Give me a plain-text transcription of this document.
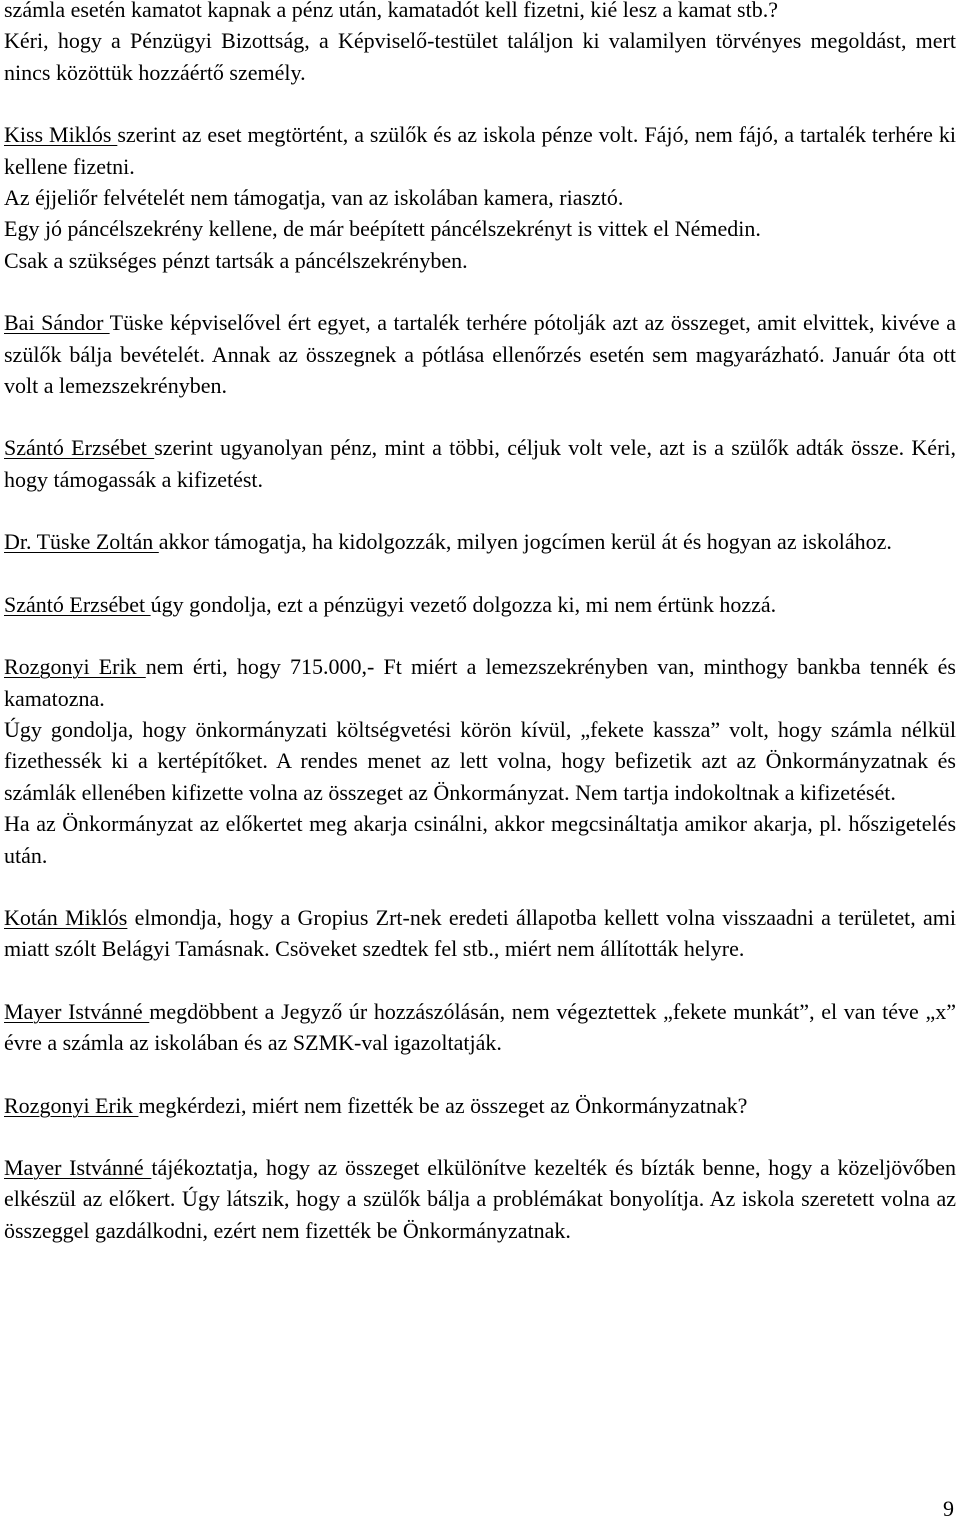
számla esetén kamatot kapnak a pénz után, kamatadót kell fizetni, kié lesz a kamat stb.?

Kéri, hogy a Pénzügyi Bizottság, a Képviselő-testület találjon ki valamilyen törvényes megoldást, mert nincs közöttük hozzáértő személy.

Kiss Miklós szerint az eset megtörtént, a szülők és az iskola pénze volt. Fájó, nem fájó, a tartalék terhére ki kellene fizetni.

Az éjjeliőr felvételét nem támogatja, van az iskolában kamera, riasztó.

Egy jó páncélszekrény kellene, de már beépített páncélszekrényt is vittek el Némedin.

Csak a szükséges pénzt tartsák a páncélszekrényben.

Bai Sándor Tüske képviselővel ért egyet, a tartalék terhére pótolják azt az összeget, amit elvittek, kivéve a szülők bálja bevételét. Annak az összegnek a pótlása ellenőrzés esetén sem magyarázható. Január óta ott volt a lemezszekrényben.

Szántó Erzsébet szerint ugyanolyan pénz, mint a többi, céljuk volt vele, azt is a szülők adták össze. Kéri, hogy támogassák a kifizetést.

Dr. Tüske Zoltán akkor támogatja, ha kidolgozzák, milyen jogcímen kerül át és hogyan az iskolához.

Szántó Erzsébet úgy gondolja, ezt a pénzügyi vezető dolgozza ki, mi nem értünk hozzá.

Rozgonyi Erik nem érti, hogy 715.000,- Ft miért a lemezszekrényben van, minthogy bankba tennék és kamatozna.

Úgy gondolja, hogy önkormányzati költségvetési körön kívül, „fekete kassza” volt, hogy számla nélkül fizethessék ki a kertépítőket. A rendes menet az lett volna, hogy befizetik azt az Önkormányzatnak és számlák ellenében kifizette volna az összeget az Önkormányzat. Nem tartja indokoltnak a kifizetését.

Ha az Önkormányzat az előkertet meg akarja csinálni, akkor megcsináltatja amikor akarja, pl. hőszigetelés után.

Kotán Miklós elmondja, hogy a Gropius Zrt-nek eredeti állapotba kellett volna visszaadni a területet, ami miatt szólt Belágyi Tamásnak. Csöveket szedtek fel stb., miért nem állították helyre.

Mayer Istvánné megdöbbent a Jegyző úr hozzászólásán, nem végeztettek „fekete munkát”, el van téve „x” évre a számla az iskolában és az SZMK-val igazoltatják.

Rozgonyi Erik megkérdezi, miért nem fizették be az összeget az Önkormányzatnak?

Mayer Istvánné tájékoztatja, hogy az összeget elkülönítve kezelték és bízták benne, hogy a közeljövőben elkészül az előkert. Úgy látszik, hogy a szülők bálja a problémákat bonyolítja. Az iskola szeretett volna az összeggel gazdálkodni, ezért nem fizették be Önkormányzatnak.

9
